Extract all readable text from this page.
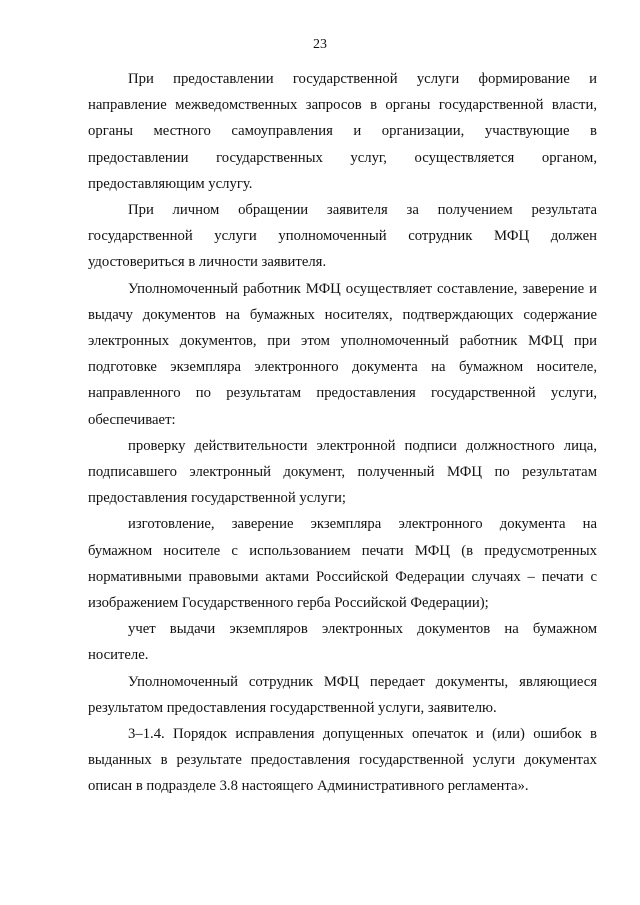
23

При предоставлении государственной услуги формирование и направление межведомственных запросов в органы государственной власти, органы местного самоуправления и организации, участвующие в предоставлении государственных услуг, осуществляется органом, предоставляющим услугу.

При личном обращении заявителя за получением результата государственной услуги уполномоченный сотрудник МФЦ должен удостовериться в личности заявителя.

Уполномоченный работник МФЦ осуществляет составление, заверение и выдачу документов на бумажных носителях, подтверждающих содержание электронных документов, при этом уполномоченный работник МФЦ при подготовке экземпляра электронного документа на бумажном носителе, направленного по результатам предоставления государственной услуги, обеспечивает:

проверку действительности электронной подписи должностного лица, подписавшего электронный документ, полученный МФЦ по результатам предоставления государственной услуги;

изготовление, заверение экземпляра электронного документа на бумажном носителе с использованием печати МФЦ (в предусмотренных нормативными правовыми актами Российской Федерации случаях – печати с изображением Государственного герба Российской Федерации);

учет выдачи экземпляров электронных документов на бумажном носителе.

Уполномоченный сотрудник МФЦ передает документы, являющиеся результатом предоставления государственной услуги, заявителю.

3–1.4. Порядок исправления допущенных опечаток и (или) ошибок в выданных в результате предоставления государственной услуги документах описан в подразделе 3.8 настоящего Административного регламента».
